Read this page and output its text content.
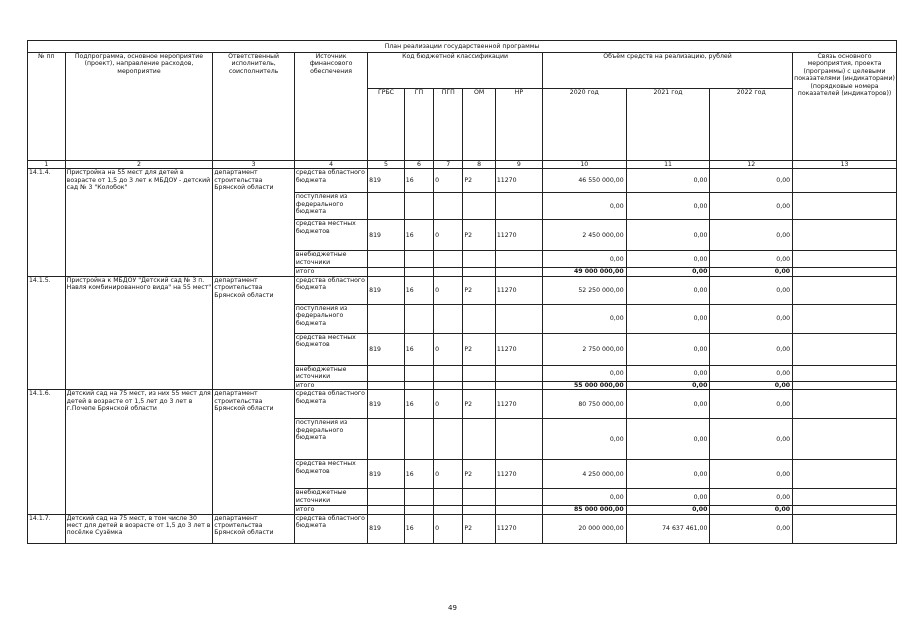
План реализации государственной программы												
№ пп	Подпрограмма, основное мероприятие (проект), направление расходов, мероприятие	Ответственный исполнитель, соисполнитель	Источник финансового обеспечения	Код бюджетной классификации					Объём средств на реализацию, рублей			Связь основного мероприятия, проекта (программы) с целевыми показателями (индикаторами) (порядковые номера показателей (индикаторов))
				ГРБС	ГП	ПГП	ОМ	НР	2020 год	2021 год	2022 год	
1	2	3	4	5	6	7	8	9	10	11	12	13
14.1.4.	Пристройка на 55 мест для детей в возрасте от 1,5 до 3 лет к МБДОУ - детский сад № 3 "Колобок"	департамент строительства Брянской области	средства областного бюджета	819	16	0	P2	11270	46 550 000,00	0,00	0,00	
			поступления из федерального бюджета						0,00	0,00	0,00	
			средства местных бюджетов	819	16	0	P2	11270	2 450 000,00	0,00	0,00	
			внебюджетные источники						0,00	0,00	0,00	
			итого						49 000 000,00	0,00	0,00	
14.1.5.	Пристройка к МБДОУ "Детский сад № 3 п. Навля комбинированного вида" на 55 мест"	департамент строительства Брянской области	средства областного бюджета	819	16	0	P2	11270	52 250 000,00	0,00	0,00	
			поступления из федерального бюджета						0,00	0,00	0,00	
			средства местных бюджетов	819	16	0	P2	11270	2 750 000,00	0,00	0,00	
			внебюджетные источники						0,00	0,00	0,00	
			итого						55 000 000,00	0,00	0,00	
14.1.6.	Детский сад на 75 мест, из них 55 мест для детей в возрасте от 1,5 лет до 3 лет в г.Почепе Брянской области	департамент строительства Брянской области	средства областного бюджета	819	16	0	P2	11270	80 750 000,00	0,00	0,00	
			поступления из федерального бюджета						0,00	0,00	0,00	
			средства местных бюджетов	819	16	0	P2	11270	4 250 000,00	0,00	0,00	
			внебюджетные источники						0,00	0,00	0,00	
			итого						85 000 000,00	0,00	0,00	
14.1.7.	Детский сад на 75 мест, в том числе 30 мест для детей в возрасте от 1,5 до 3 лет в посёлке Сузёмка	департамент строительства Брянской области	средства областного бюджета	819	16	0	P2	11270	20 000 000,00	74 637 461,00	0,00	
49
